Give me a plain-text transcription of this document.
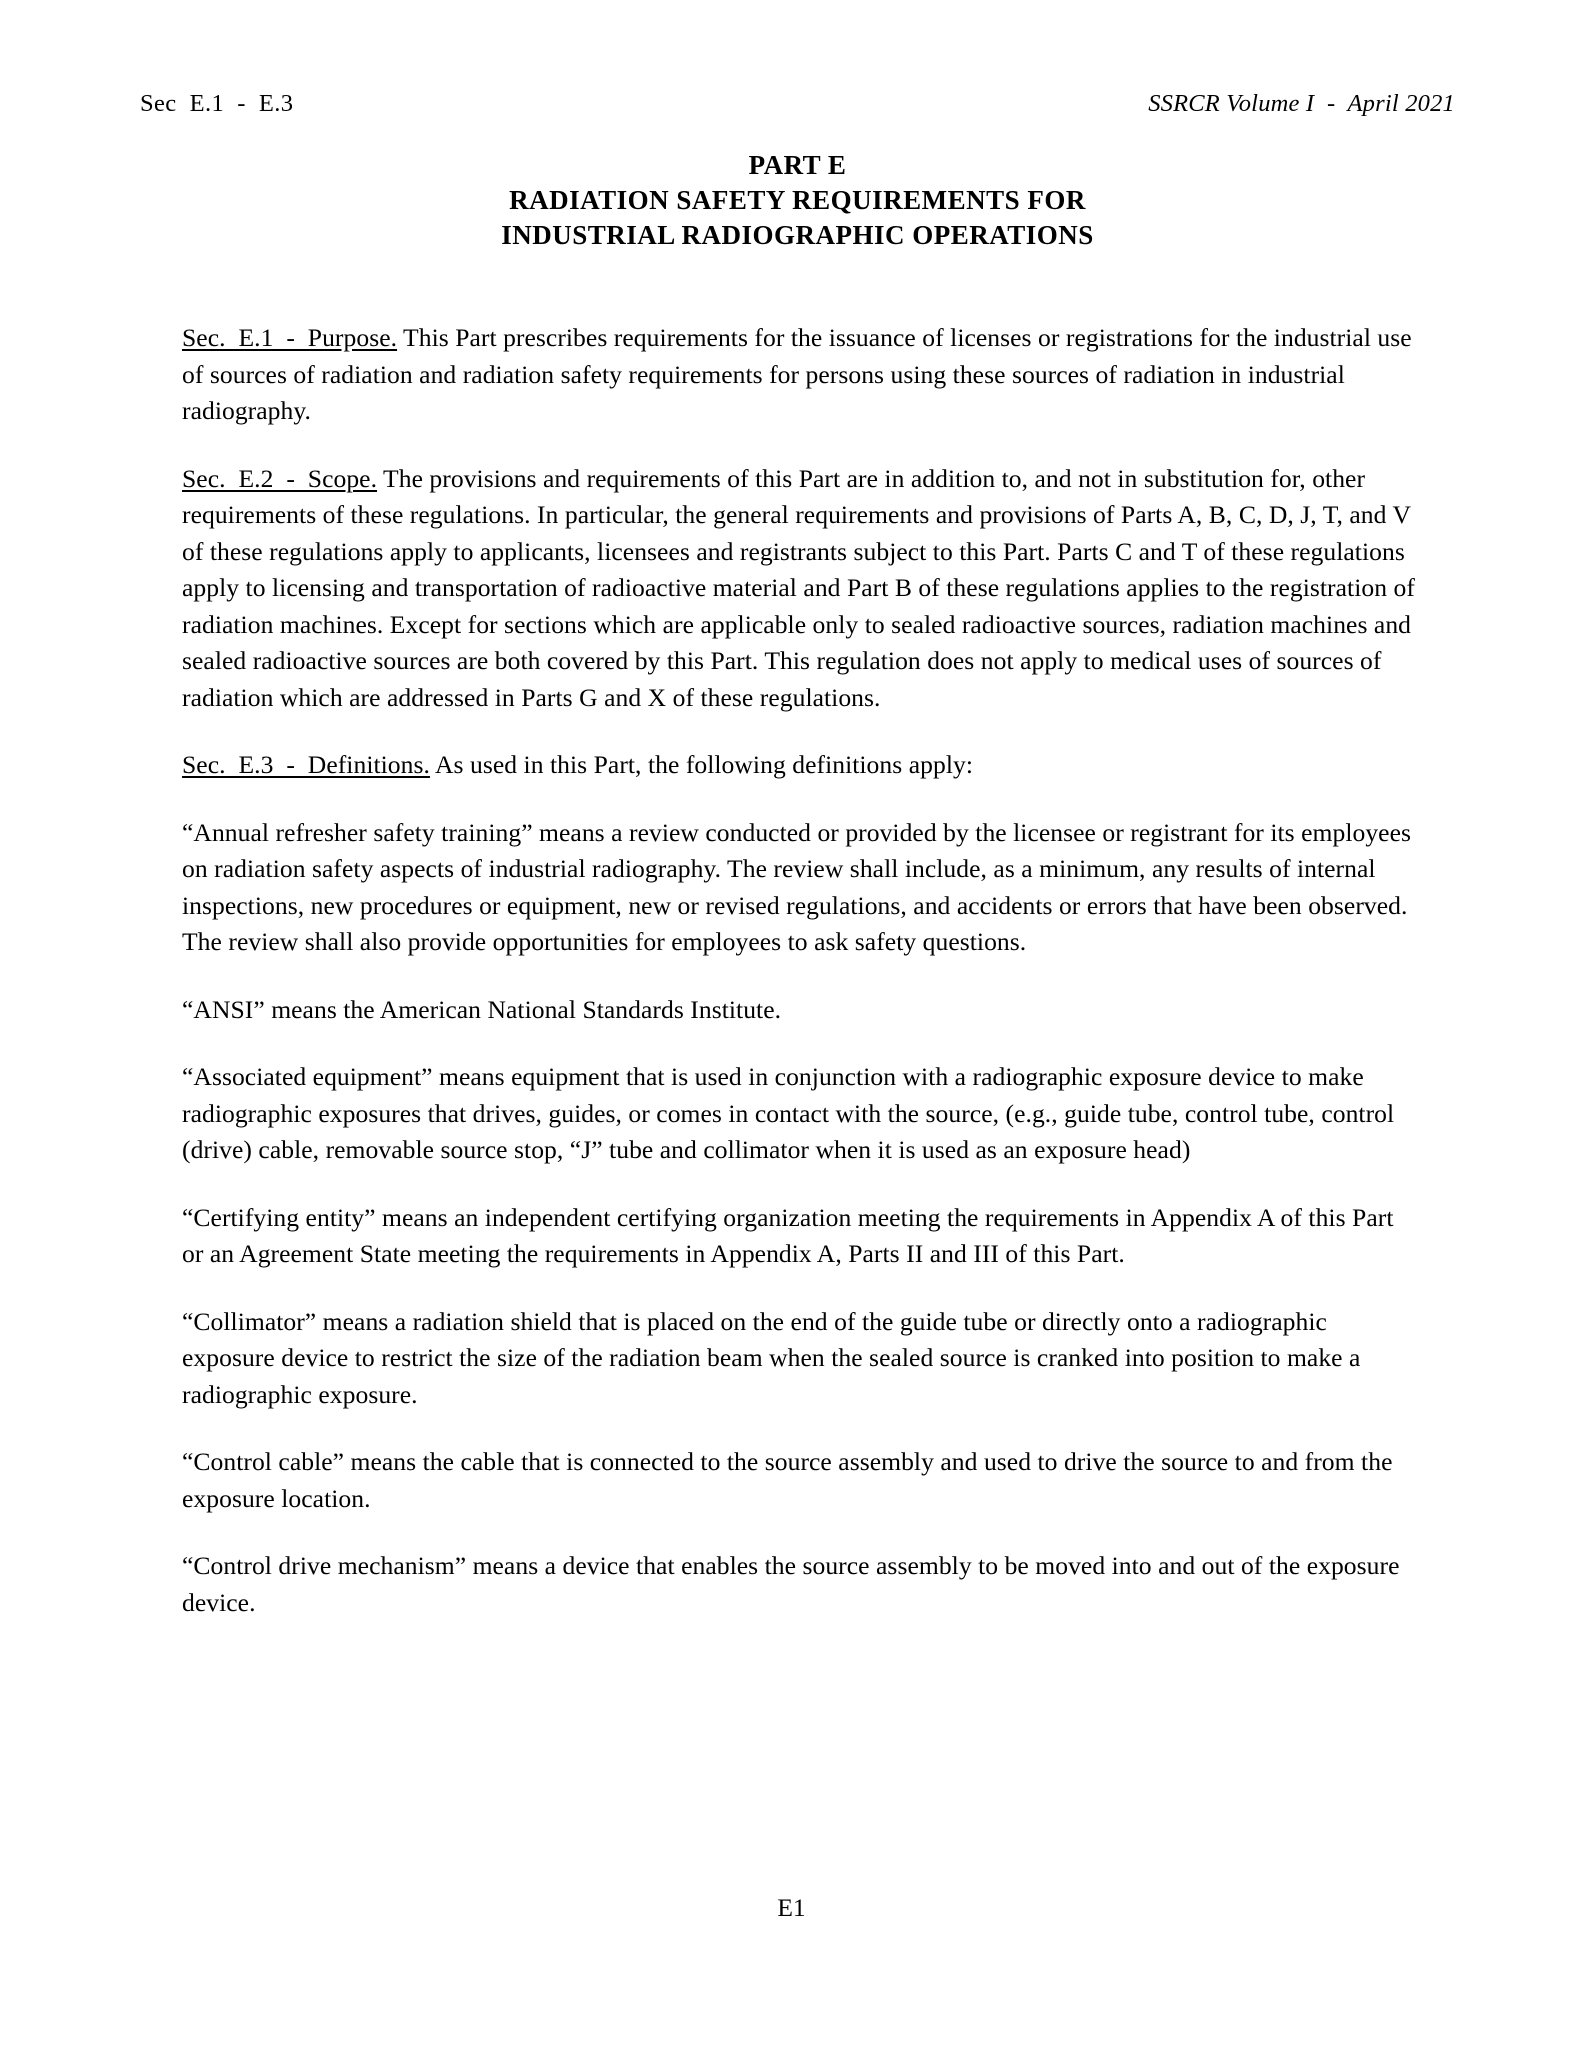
Sec  E.1  -  E.3	SSRCR Volume I  -  April 2021
PART E
RADIATION SAFETY REQUIREMENTS FOR
INDUSTRIAL RADIOGRAPHIC OPERATIONS

Sec.  E.1  -  Purpose. This Part prescribes requirements for the issuance of licenses or registrations for the industrial use of sources of radiation and radiation safety requirements for persons using these sources of radiation in industrial radiography.

Sec.  E.2  -  Scope. The provisions and requirements of this Part are in addition to, and not in substitution for, other requirements of these regulations. In particular, the general requirements and provisions of Parts A, B, C, D, J, T, and V of these regulations apply to applicants, licensees and registrants subject to this Part. Parts C and T of these regulations apply to licensing and transportation of radioactive material and Part B of these regulations applies to the registration of radiation machines. Except for sections which are applicable only to sealed radioactive sources, radiation machines and sealed radioactive sources are both covered by this Part. This regulation does not apply to medical uses of sources of radiation which are addressed in Parts G and X of these regulations.

Sec.  E.3  -  Definitions. As used in this Part, the following definitions apply:

“Annual refresher safety training” means a review conducted or provided by the licensee or registrant for its employees on radiation safety aspects of industrial radiography. The review shall include, as a minimum, any results of internal inspections, new procedures or equipment, new or revised regulations, and accidents or errors that have been observed. The review shall also provide opportunities for employees to ask safety questions.

“ANSI” means the American National Standards Institute.

“Associated equipment” means equipment that is used in conjunction with a radiographic exposure device to make radiographic exposures that drives, guides, or comes in contact with the source, (e.g., guide tube, control tube, control (drive) cable, removable source stop, “J” tube and collimator when it is used as an exposure head)

“Certifying entity” means an independent certifying organization meeting the requirements in Appendix A of this Part or an Agreement State meeting the requirements in Appendix A, Parts II and III of this Part.

“Collimator” means a radiation shield that is placed on the end of the guide tube or directly onto a radiographic exposure device to restrict the size of the radiation beam when the sealed source is cranked into position to make a radiographic exposure.

“Control cable” means the cable that is connected to the source assembly and used to drive the source to and from the exposure location.

“Control drive mechanism” means a device that enables the source assembly to be moved into and out of the exposure device.

E1
